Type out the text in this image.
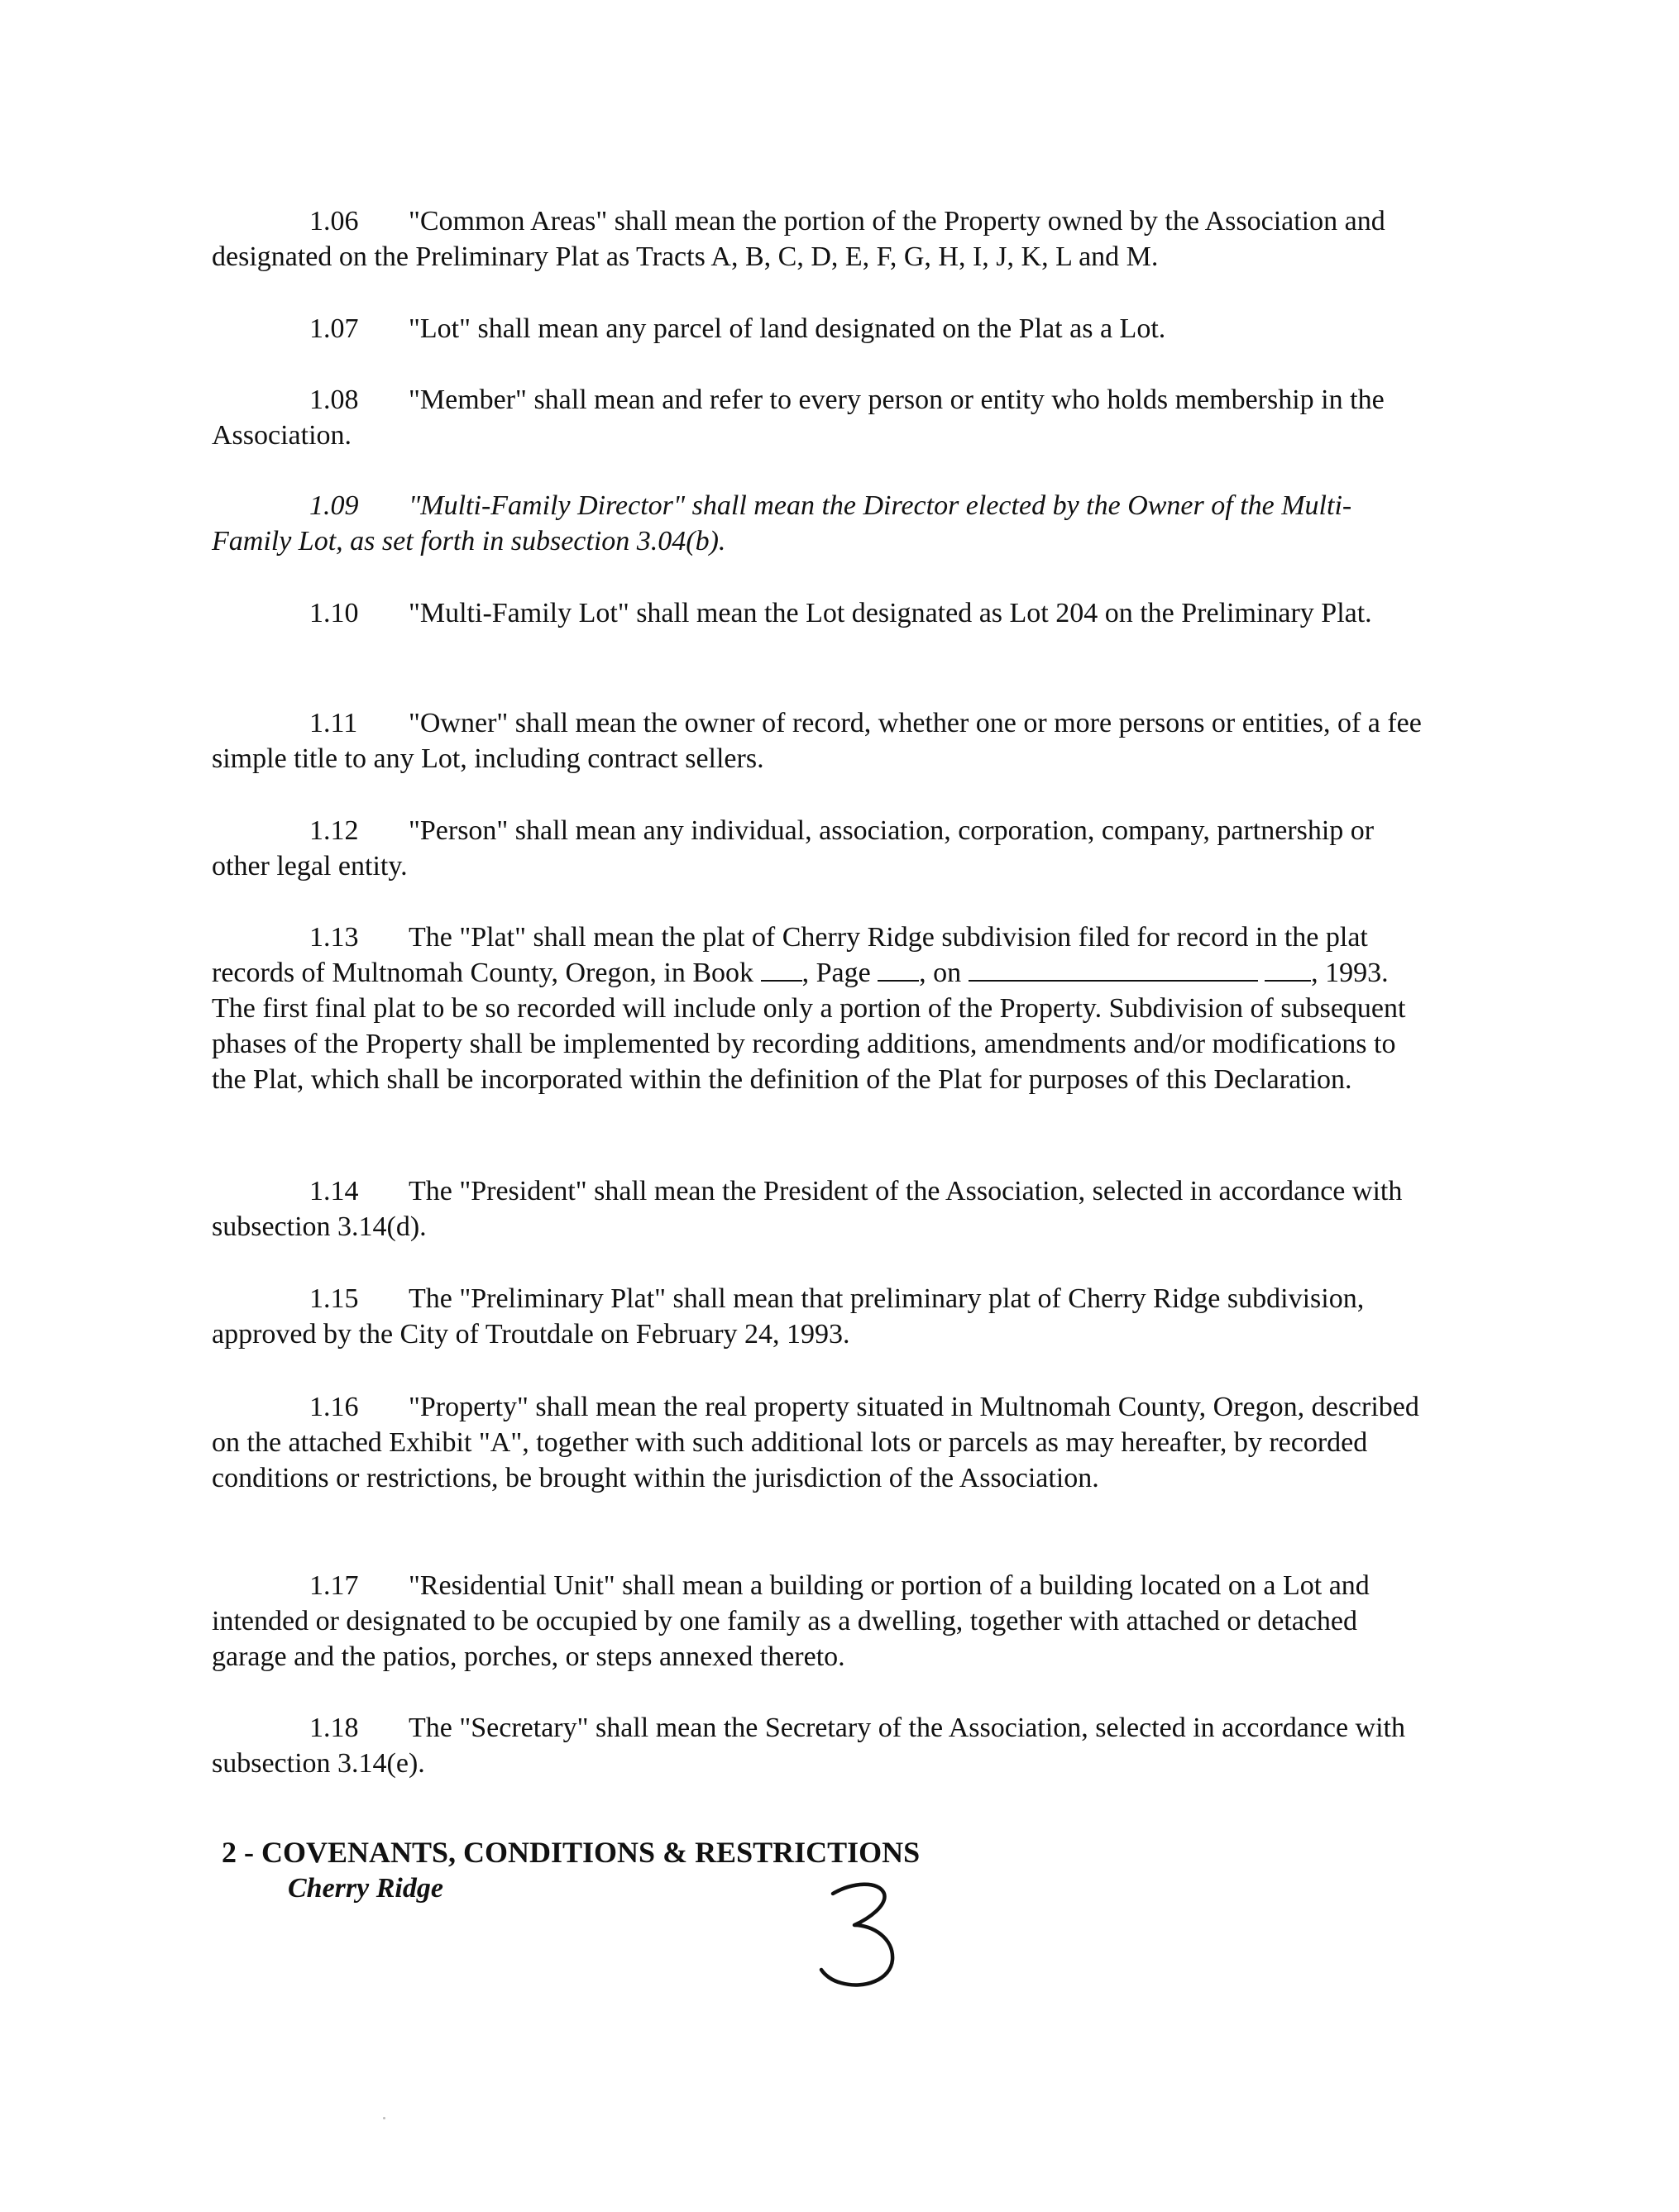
1.06 "Common Areas" shall mean the portion of the Property owned by the Association and designated on the Preliminary Plat as Tracts A, B, C, D, E, F, G, H, I, J, K, L and M.

1.07 "Lot" shall mean any parcel of land designated on the Plat as a Lot.

1.08 "Member" shall mean and refer to every person or entity who holds membership in the Association.

1.09 "Multi-Family Director" shall mean the Director elected by the Owner of the Multi-Family Lot, as set forth in subsection 3.04(b).

1.10 "Multi-Family Lot" shall mean the Lot designated as Lot 204 on the Preliminary Plat.

1.11 "Owner" shall mean the owner of record, whether one or more persons or entities, of a fee simple title to any Lot, including contract sellers.

1.12 "Person" shall mean any individual, association, corporation, company, partnership or other legal entity.

1.13 The "Plat" shall mean the plat of Cherry Ridge subdivision filed for record in the plat records of Multnomah County, Oregon, in Book , Page , on	, 1993. The first final plat to be so recorded will include only a portion of the Property. Subdivision of subsequent phases of the Property shall be implemented by recording additions, amendments and/or modifications to the Plat, which shall be incorporated within the definition of the Plat for purposes of this Declaration.

1.14 The "President" shall mean the President of the Association, selected in accordance with subsection 3.14(d).

1.15 The "Preliminary Plat" shall mean that preliminary plat of Cherry Ridge subdivision, approved by the City of Troutdale on February 24, 1993.

1.16 "Property" shall mean the real property situated in Multnomah County, Oregon, described on the attached Exhibit "A", together with such additional lots or parcels as may hereafter, by recorded conditions or restrictions, be brought within the jurisdiction of the Association.

1.17 "Residential Unit" shall mean a building or portion of a building located on a Lot and intended or designated to be occupied by one family as a dwelling, together with attached or detached garage and the patios, porches, or steps annexed thereto.

1.18 The "Secretary" shall mean the Secretary of the Association, selected in accordance with subsection 3.14(e).

2 - COVENANTS, CONDITIONS & RESTRICTIONS

Cherry Ridge
